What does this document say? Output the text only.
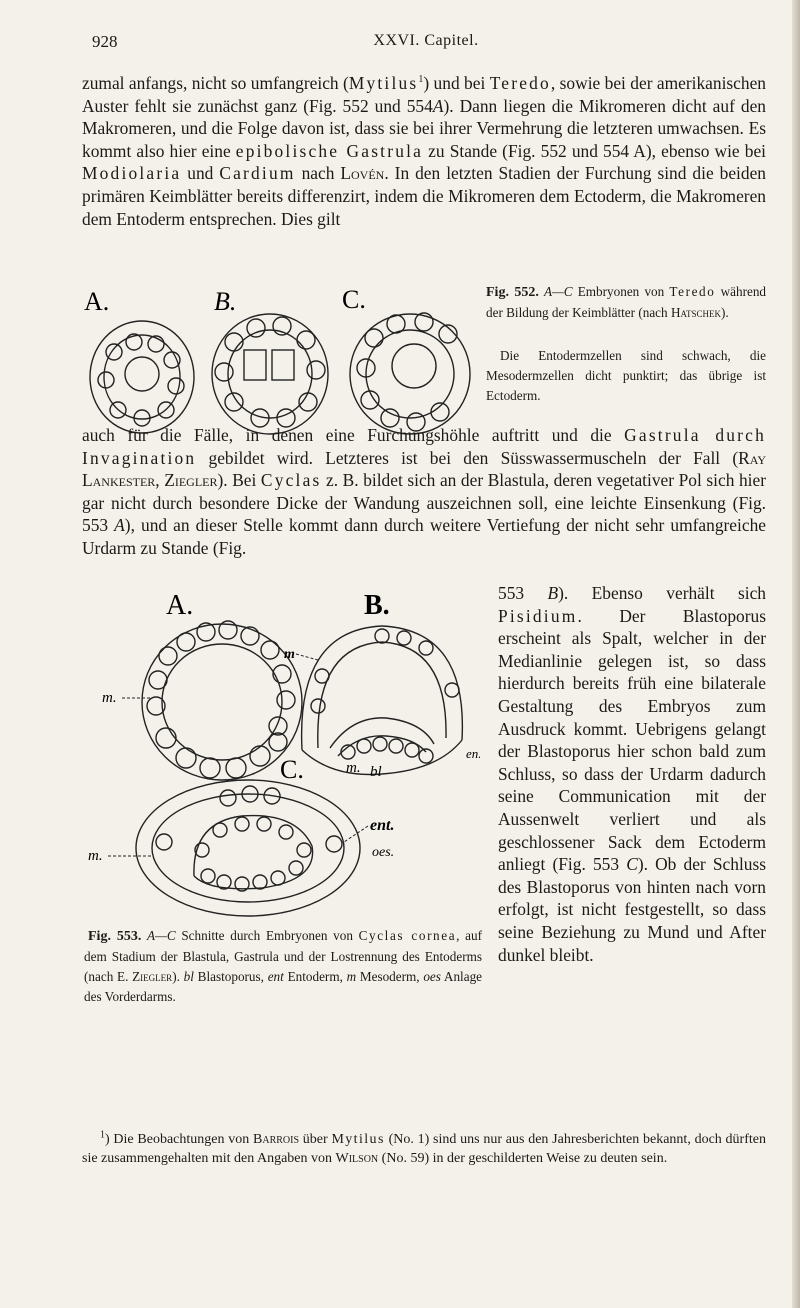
928	XXVI. Capitel.

zumal anfangs, nicht so umfangreich (Mytilus$^1$) und bei Teredo, sowie bei der amerikanischen Auster fehlt sie zunächst ganz (Fig. 552 und 554A). Dann liegen die Mikromeren dicht auf den Makromeren, und die Folge davon ist, dass sie bei ihrer Vermehrung die letzteren umwachsen. Es kommt also hier eine epibolische Gastrula zu Stande (Fig. 552 und 554 A), ebenso wie bei Modiolaria und Cardium nach Lovén. In den letzten Stadien der Furchung sind die beiden primären Keimblätter bereits differenzirt, indem die Mikromeren dem Ectoderm, die Makromeren dem Entoderm entsprechen. Dies gilt

A.	B.	C.	Fig. 552. A—C Embryonen von Teredo während der Bildung der Keimblätter (nach Hatschek).

Die Entodermzellen sind schwach, die Mesodermzellen dicht punktirt; das übrige ist Ectoderm.

auch für die Fälle, in denen eine Furchungshöhle auftritt und die Gastrula durch Invagination gebildet wird. Letzteres ist bei den Süsswassermuscheln der Fall (Ray Lankester, Ziegler). Bei Cyclas z. B. bildet sich an der Blastula, deren vegetativer Pol sich hier gar nicht durch besondere Dicke der Wandung auszeichnen soll, eine leichte Einsenkung (Fig. 553 A), und an dieser Stelle kommt dann durch weitere Vertiefung der nicht sehr umfangreiche Urdarm zu Stande (Fig.

A.	B.
C.
m.
m
en.
m. bl
m.
ent.
oes.

Fig. 553. A—C Schnitte durch Embryonen von Cyclas cornea, auf dem Stadium der Blastula, Gastrula und der Lostrennung des Entoderms (nach E. Ziegler). bl Blastoporus, ent Entoderm, m Mesoderm, oes Anlage des Vorderdarms.

553 B). Ebenso verhält sich Pisidium. Der Blastoporus erscheint als Spalt, welcher in der Medianlinie gelegen ist, so dass hierdurch bereits früh eine bilaterale Gestaltung des Embryos zum Ausdruck kommt. Uebrigens gelangt der Blastoporus hier schon bald zum Schluss, so dass der Urdarm dadurch seine Communication mit der Aussenwelt verliert und als geschlossener Sack dem Ectoderm anliegt (Fig. 553 C). Ob der Schluss des Blastoporus von hinten nach vorn erfolgt, ist nicht festgestellt, so dass seine Beziehung zu Mund und After dunkel bleibt.

$^1$) Die Beobachtungen von Barrois über Mytilus (No. 1) sind uns nur aus den Jahresberichten bekannt, doch dürften sie zusammengehalten mit den Angaben von Wilson (No. 59) in der geschilderten Weise zu deuten sein.
